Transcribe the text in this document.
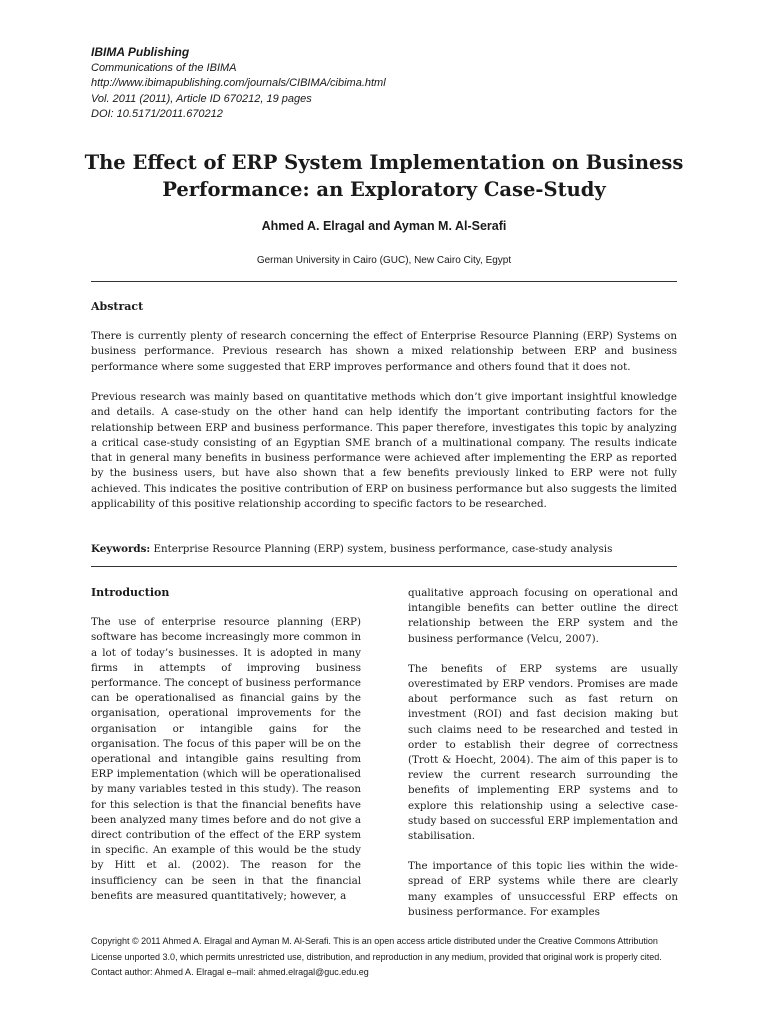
IBIMA Publishing
Communications of the IBIMA
http://www.ibimapublishing.com/journals/CIBIMA/cibima.html
Vol. 2011 (2011), Article ID 670212, 19 pages
DOI: 10.5171/2011.670212
The Effect of ERP System Implementation on Business
Performance: an Exploratory Case-Study
Ahmed A. Elragal and Ayman M. Al-Serafi
German University in Cairo (GUC), New Cairo City, Egypt
Abstract

There is currently plenty of research concerning the effect of Enterprise Resource Planning (ERP) Systems on business performance. Previous research has shown a mixed relationship between ERP and business performance where some suggested that ERP improves performance and others found that it does not.

Previous research was mainly based on quantitative methods which don’t give important insightful knowledge and details. A case-study on the other hand can help identify the important contributing factors for the relationship between ERP and business performance. This paper therefore, investigates this topic by analyzing a critical case-study consisting of an Egyptian SME branch of a multinational company. The results indicate that in general many benefits in business performance were achieved after implementing the ERP as reported by the business users, but have also shown that a few benefits previously linked to ERP were not fully achieved. This indicates the positive contribution of ERP on business performance but also suggests the limited applicability of this positive relationship according to specific factors to be researched.

Keywords: Enterprise Resource Planning (ERP) system, business performance, case-study analysis
Introduction

The use of enterprise resource planning (ERP) software has become increasingly more common in a lot of today’s businesses. It is adopted in many firms in attempts of improving business performance. The concept of business performance can be operationalised as financial gains by the organisation, operational improvements for the organisation or intangible gains for the organisation. The focus of this paper will be on the operational and intangible gains resulting from ERP implementation (which will be operationalised by many variables tested in this study). The reason for this selection is that the financial benefits have been analyzed many times before and do not give a direct contribution of the effect of the ERP system in specific. An example of this would be the study by Hitt et al. (2002). The reason for the insufficiency can be seen in that the financial benefits are measured quantitatively; however, a

qualitative approach focusing on operational and intangible benefits can better outline the direct relationship between the ERP system and the business performance (Velcu, 2007).

The benefits of ERP systems are usually overestimated by ERP vendors. Promises are made about performance such as fast return on investment (ROI) and fast decision making but such claims need to be researched and tested in order to establish their degree of correctness (Trott & Hoecht, 2004). The aim of this paper is to review the current research surrounding the benefits of implementing ERP systems and to explore this relationship using a selective case-study based on successful ERP implementation and stabilisation.

The importance of this topic lies within the wide-spread of ERP systems while there are clearly many examples of unsuccessful ERP effects on business performance. For examples

Copyright © 2011 Ahmed A. Elragal and Ayman M. Al-Serafi. This is an open access article distributed under the Creative Commons Attribution License unported 3.0, which permits unrestricted use, distribution, and reproduction in any medium, provided that original work is properly cited. Contact author: Ahmed A. Elragal e–mail: ahmed.elragal@guc.edu.eg
